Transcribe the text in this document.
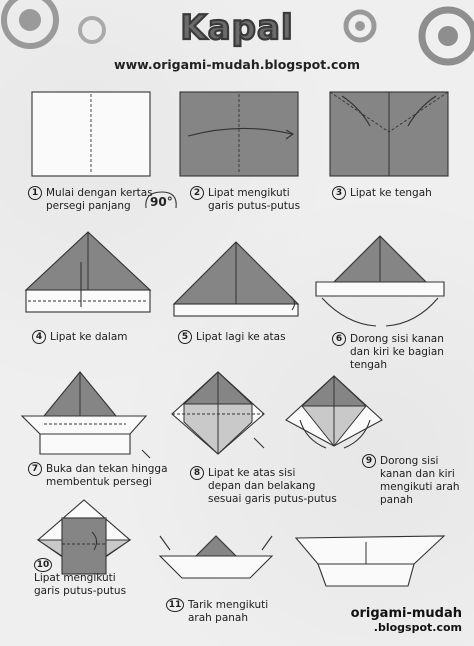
Kapal
www.origami-mudah.blogspot.com
1 Mulai dengan kertas
persegi panjang	90°
2 Lipat mengikuti
garis putus-putus
3 Lipat ke tengah
4 Lipat ke dalam	5 Lipat lagi ke atas	6 Dorong sisi kanan
dan kiri ke bagian
tengah
7 Buka dan tekan hingga
membentuk persegi
8 Lipat ke atas sisi
depan dan belakang
sesuai garis putus-putus
9 Dorong sisi
kanan dan kiri
mengikuti arah
panah
10
Lipat mengikuti
garis putus-putus
11 Tarik mengikuti
arah panah	origami-mudah
.blogspot.com
